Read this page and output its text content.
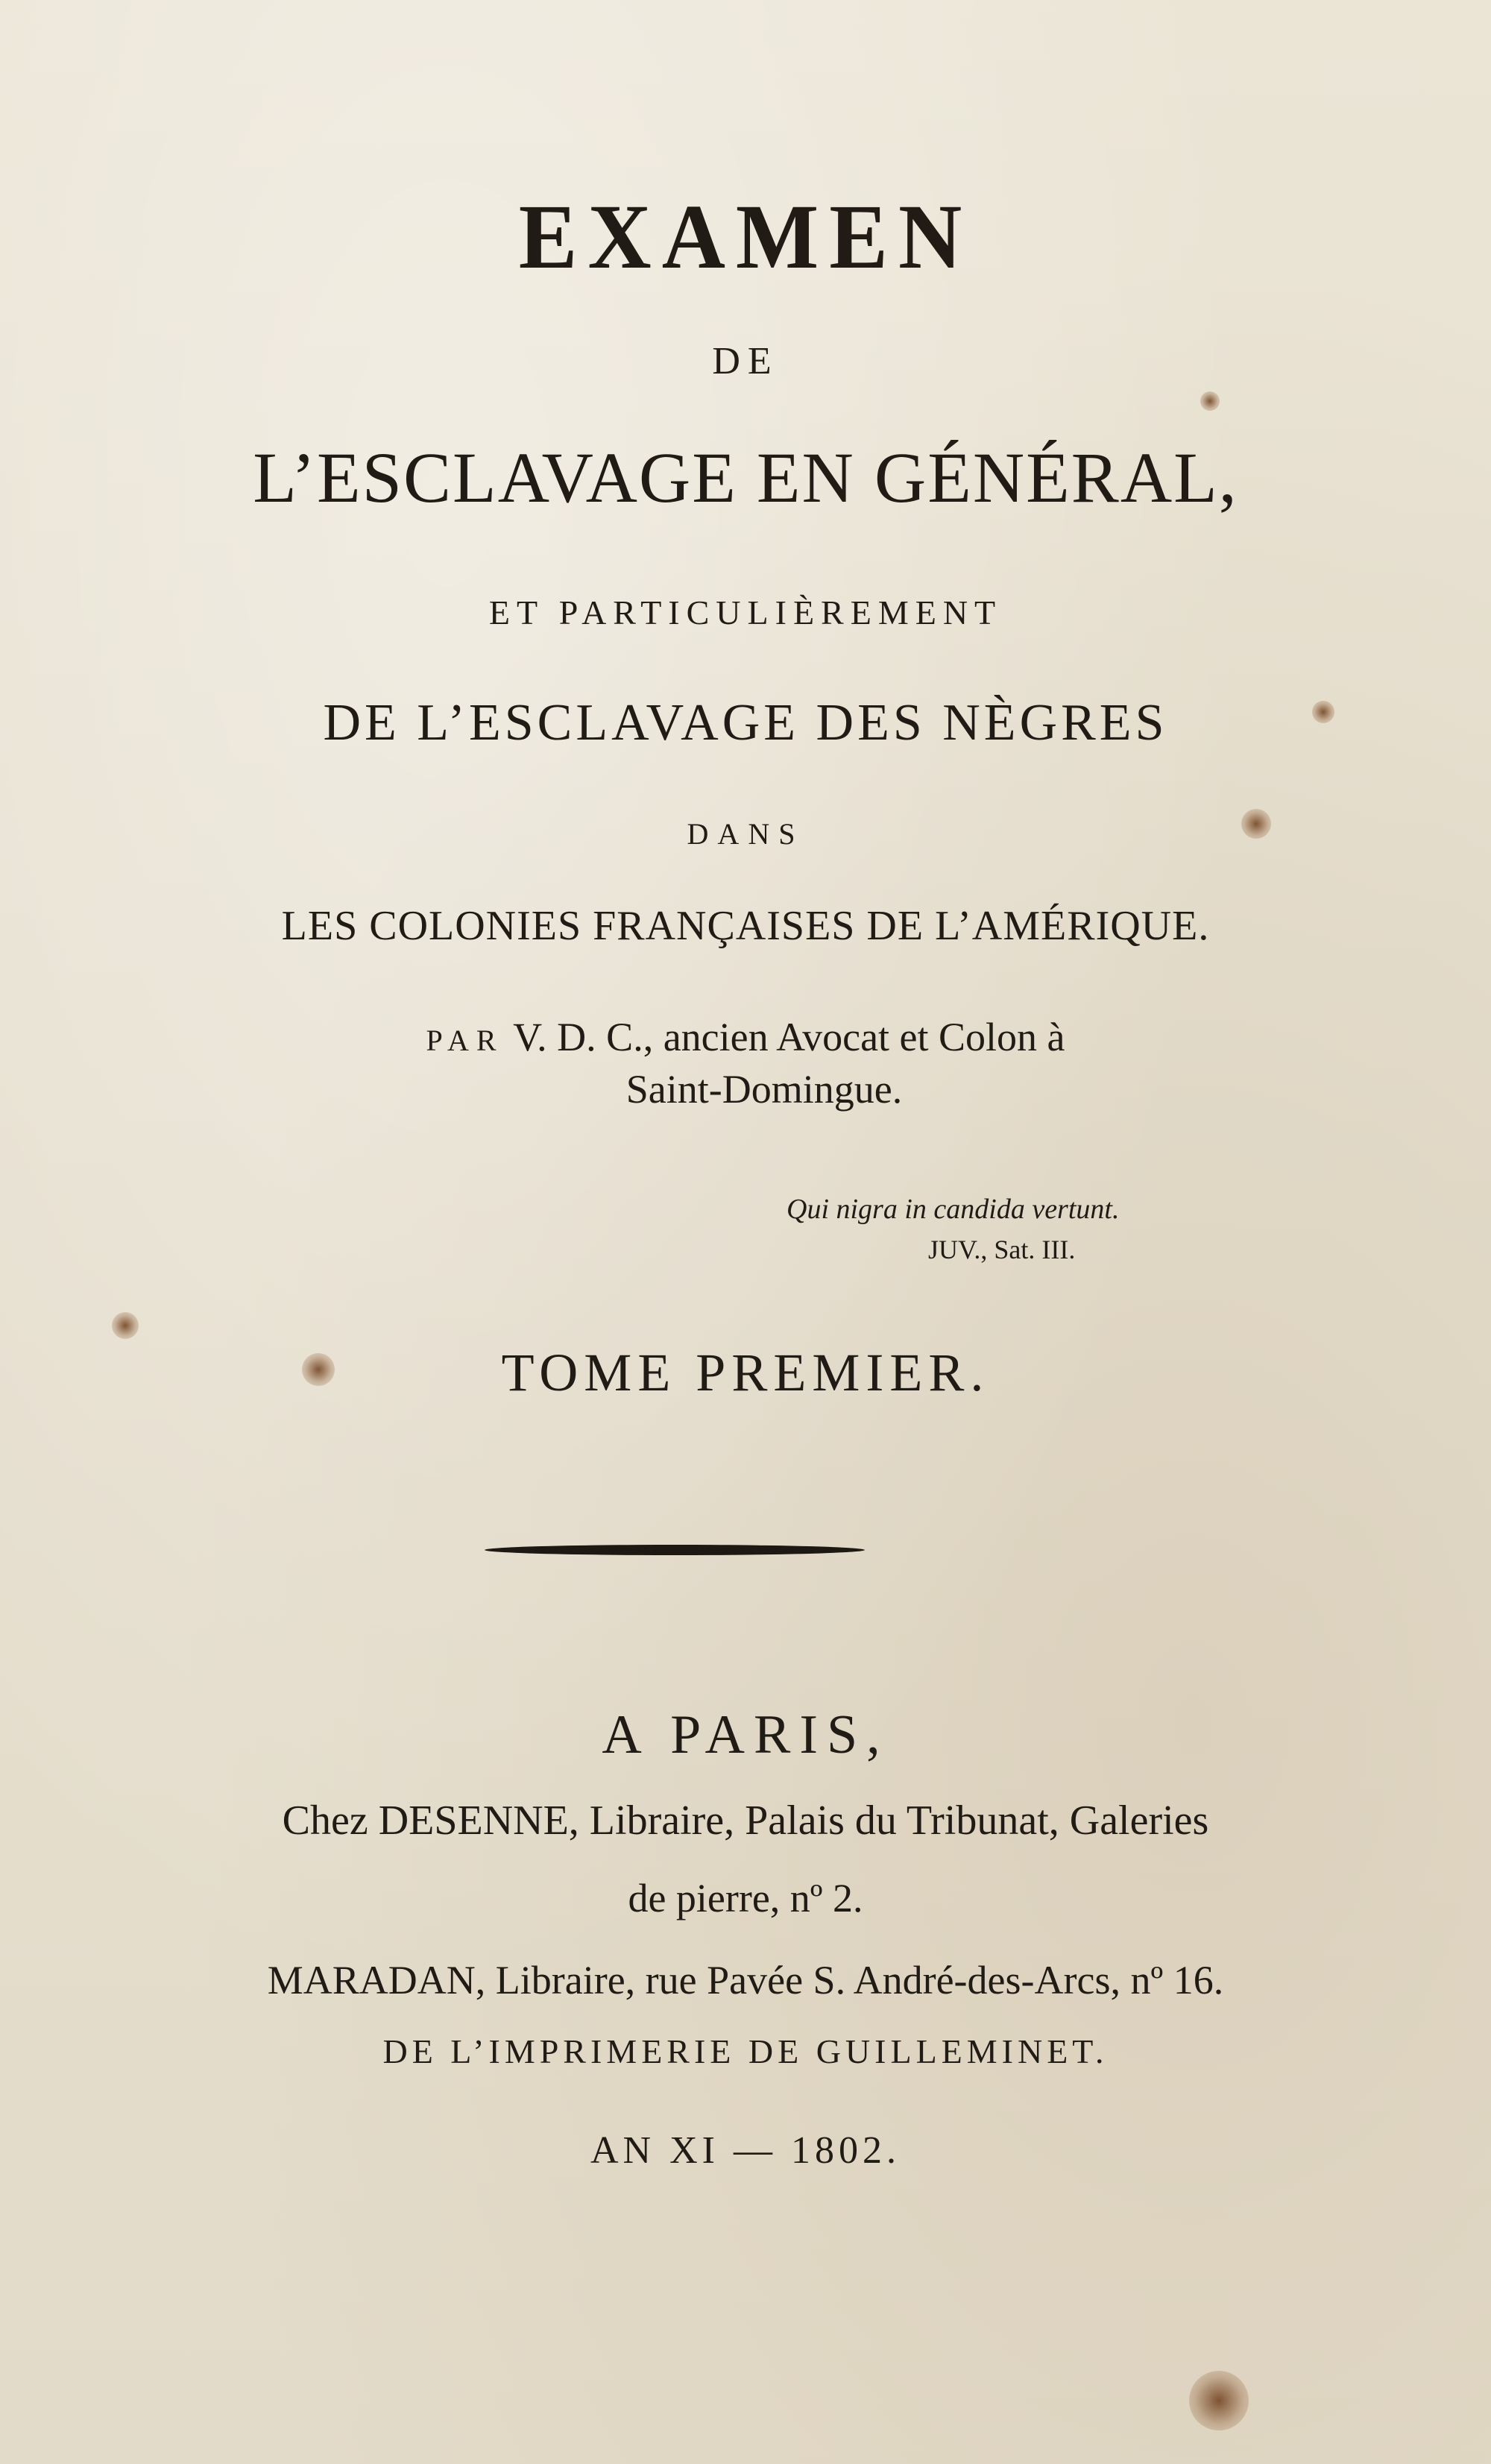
EXAMEN
DE
L’ESCLAVAGE EN GÉNÉRAL,
ET PARTICULIÈREMENT
DE L’ESCLAVAGE DES NÈGRES
DANS
LES COLONIES FRANÇAISES DE L’AMÉRIQUE.
PAR V. D. C., ancien Avocat et Colon à
Saint-Domingue.
Qui nigra in candida vertunt.
JUV., Sat. III.
TOME PREMIER.
A PARIS,
Chez DESENNE, Libraire, Palais du Tribunat, Galeries
de pierre, nº 2.
MARADAN, Libraire, rue Pavée S. André-des-Arcs, nº 16.
DE L’IMPRIMERIE DE GUILLEMINET.
AN XI — 1802.
